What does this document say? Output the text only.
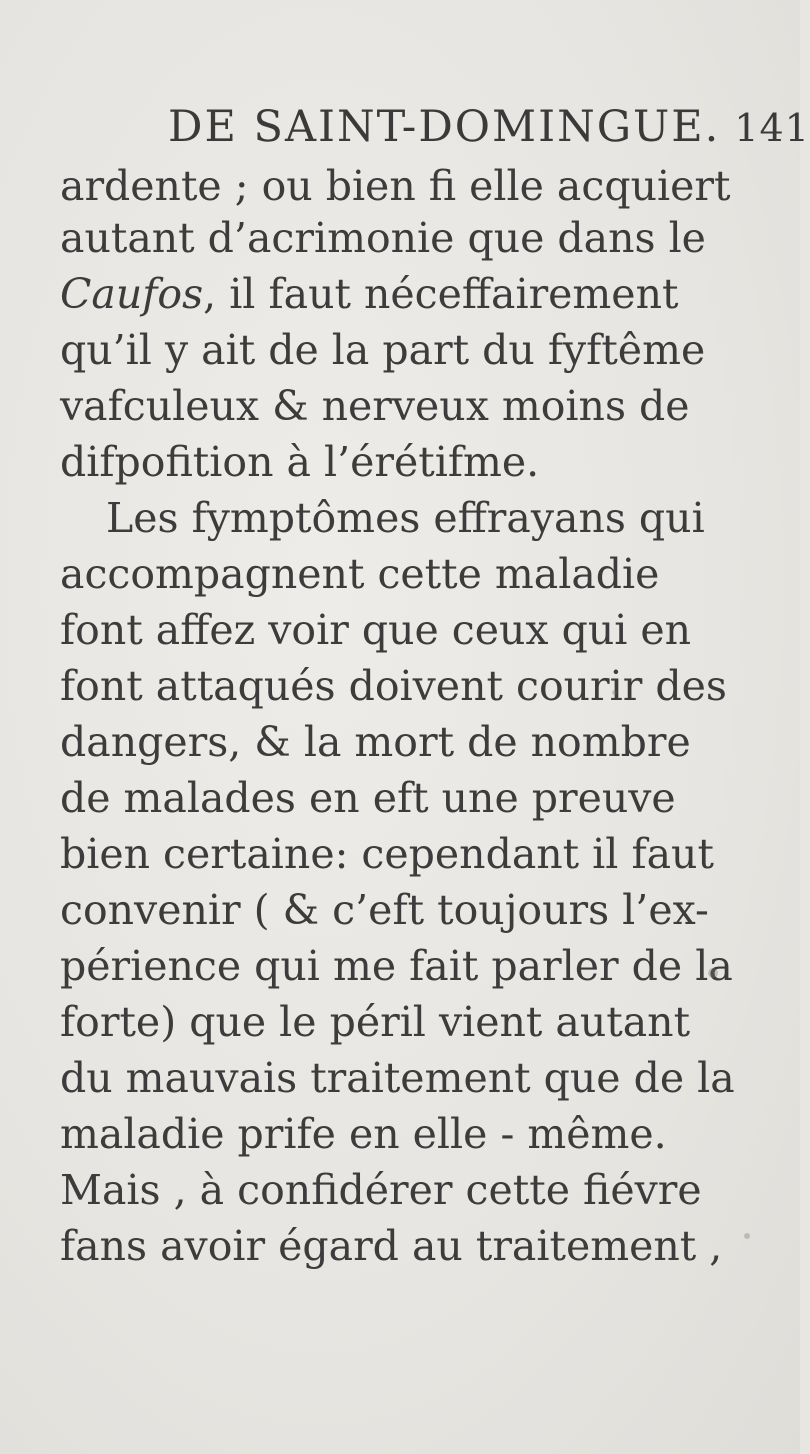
DE SAINT-DOMINGUE. 141
ardente ; ou bien fi elle acquiert
autant d’acrimonie que dans le
Caufos, il faut néceffairement
qu’il y ait de la part du fyftême
vafculeux & nerveux moins de
difpofition à l’érétifme.
Les fymptômes effrayans qui
accompagnent cette maladie
font affez voir que ceux qui en
font attaqués doivent courir des
dangers, & la mort de nombre
de malades en eft une preuve
bien certaine: cependant il faut
convenir ( & c’eft toujours l’ex-
périence qui me fait parler de la
forte) que le péril vient autant
du mauvais traitement que de la
maladie prife en elle - même.
Mais , à confidérer cette fiévre
fans avoir égard au traitement ,
